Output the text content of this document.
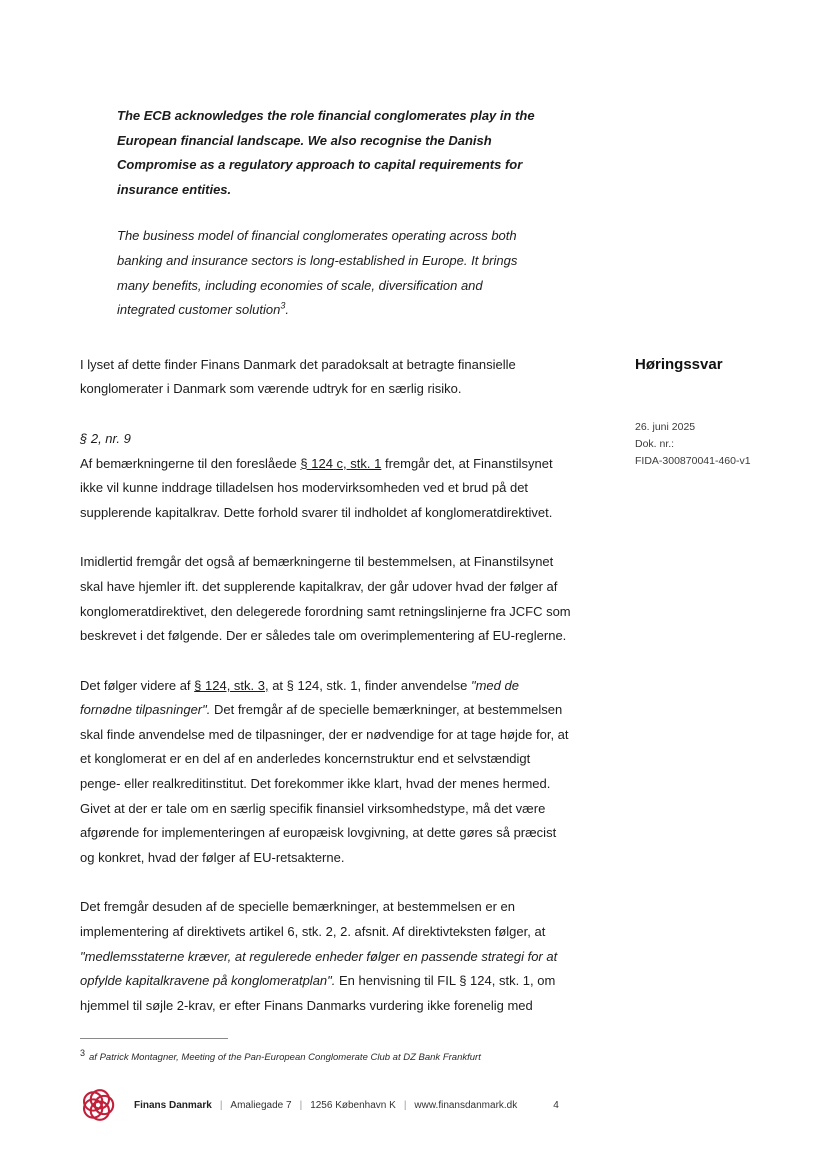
The ECB acknowledges the role financial conglomerates play in the European financial landscape. We also recognise the Danish Compromise as a regulatory approach to capital requirements for insurance entities.
The business model of financial conglomerates operating across both banking and insurance sectors is long-established in Europe. It brings many benefits, including economies of scale, diversification and integrated customer solution$^3$.

I lyset af dette finder Finans Danmark det paradoksalt at betragte finansielle konglomerater i Danmark som værende udtryk for en særlig risiko.

§ 2, nr. 9

Af bemærkningerne til den foreslåede § 124 c, stk. 1 fremgår det, at Finanstilsynet ikke vil kunne inddrage tilladelsen hos modervirksomheden ved et brud på det supplerende kapitalkrav. Dette forhold svarer til indholdet af konglomeratdirektivet.

Imidlertid fremgår det også af bemærkningerne til bestemmelsen, at Finanstilsynet skal have hjemler ift. det supplerende kapitalkrav, der går udover hvad der følger af konglomeratdirektivet, den delegerede forordning samt retningslinjerne fra JCFC som beskrevet i det følgende. Der er således tale om overimplementering af EU-reglerne.

Det følger videre af § 124, stk. 3, at § 124, stk. 1, finder anvendelse "med de fornødne tilpasninger". Det fremgår af de specielle bemærkninger, at bestemmelsen skal finde anvendelse med de tilpasninger, der er nødvendige for at tage højde for, at et konglomerat er en del af en anderledes koncernstruktur end et selvstændigt penge- eller realkreditinstitut. Det forekommer ikke klart, hvad der menes hermed. Givet at der er tale om en særlig specifik finansiel virksomhedstype, må det være afgørende for implementeringen af europæisk lovgivning, at dette gøres så præcist og konkret, hvad der følger af EU-retsakterne.

Det fremgår desuden af de specielle bemærkninger, at bestemmelsen er en implementering af direktivets artikel 6, stk. 2, 2. afsnit. Af direktivteksten følger, at "medlemsstaterne kræver, at regulerede enheder følger en passende strategi for at opfylde kapitalkravene på konglomeratplan". En henvisning til FIL § 124, stk. 1, om hjemmel til søjle 2-krav, er efter Finans Danmarks vurdering ikke forenelig med

Høringssvar
26. juni 2025
Dok. nr.:
FIDA-300870041-460-v1
$^3$ af Patrick Montagner, Meeting of the Pan-European Conglomerate Club at DZ Bank Frankfurt
Finans Danmark | Amaliegade 7 | 1256 København K | www.finansdanmark.dk	4
